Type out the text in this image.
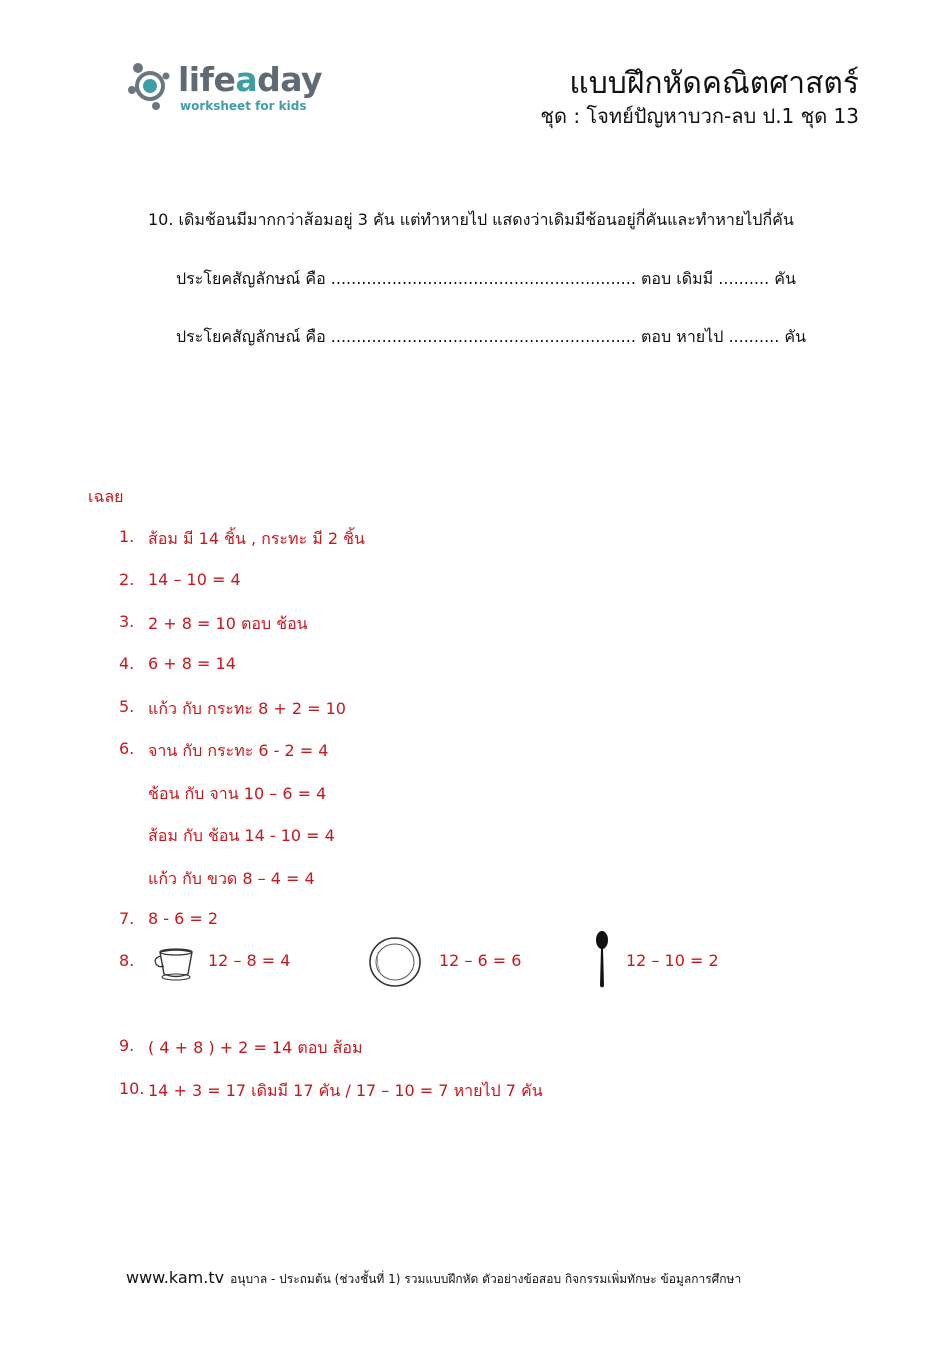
lifeaday
worksheet for kids
แบบฝึกหัดคณิตศาสตร์
ชุด : โจทย์ปัญหาบวก-ลบ ป.1 ชุด 13
10. เดิมช้อนมีมากกว่าส้อมอยู่ 3 คัน แต่ทำหายไป แสดงว่าเดิมมีช้อนอยู่กี่คันและทำหายไปกี่คัน
ประโยคสัญลักษณ์ คือ ............................................................ ตอบ เดิมมี .......... คัน
ประโยคสัญลักษณ์ คือ ............................................................ ตอบ หายไป .......... คัน
เฉลย
1. ส้อม มี 14 ชิ้น , กระทะ มี 2 ชิ้น
2. 14 – 10 = 4
3. 2 + 8 = 10 ตอบ ช้อน
4. 6 + 8 = 14
5. แก้ว กับ กระทะ 8 + 2 = 10
6. จาน กับ กระทะ 6 - 2 = 4
ช้อน กับ จาน 10 – 6 = 4
ส้อม กับ ช้อน 14 - 10 = 4
แก้ว กับ ขวด 8 – 4 = 4
7. 8 - 6 = 2
8.	12 – 8 = 4	12 – 6 = 6	12 – 10 = 2
9. ( 4 + 8 ) + 2 = 14 ตอบ ส้อม
10. 14 + 3 = 17 เดิมมี 17 คัน / 17 – 10 = 7 หายไป 7 คัน
www.kam.tv อนุบาล - ประถมต้น (ช่วงชั้นที่ 1) รวมแบบฝึกหัด ตัวอย่างข้อสอบ กิจกรรมเพิ่มทักษะ ข้อมูลการศึกษา
